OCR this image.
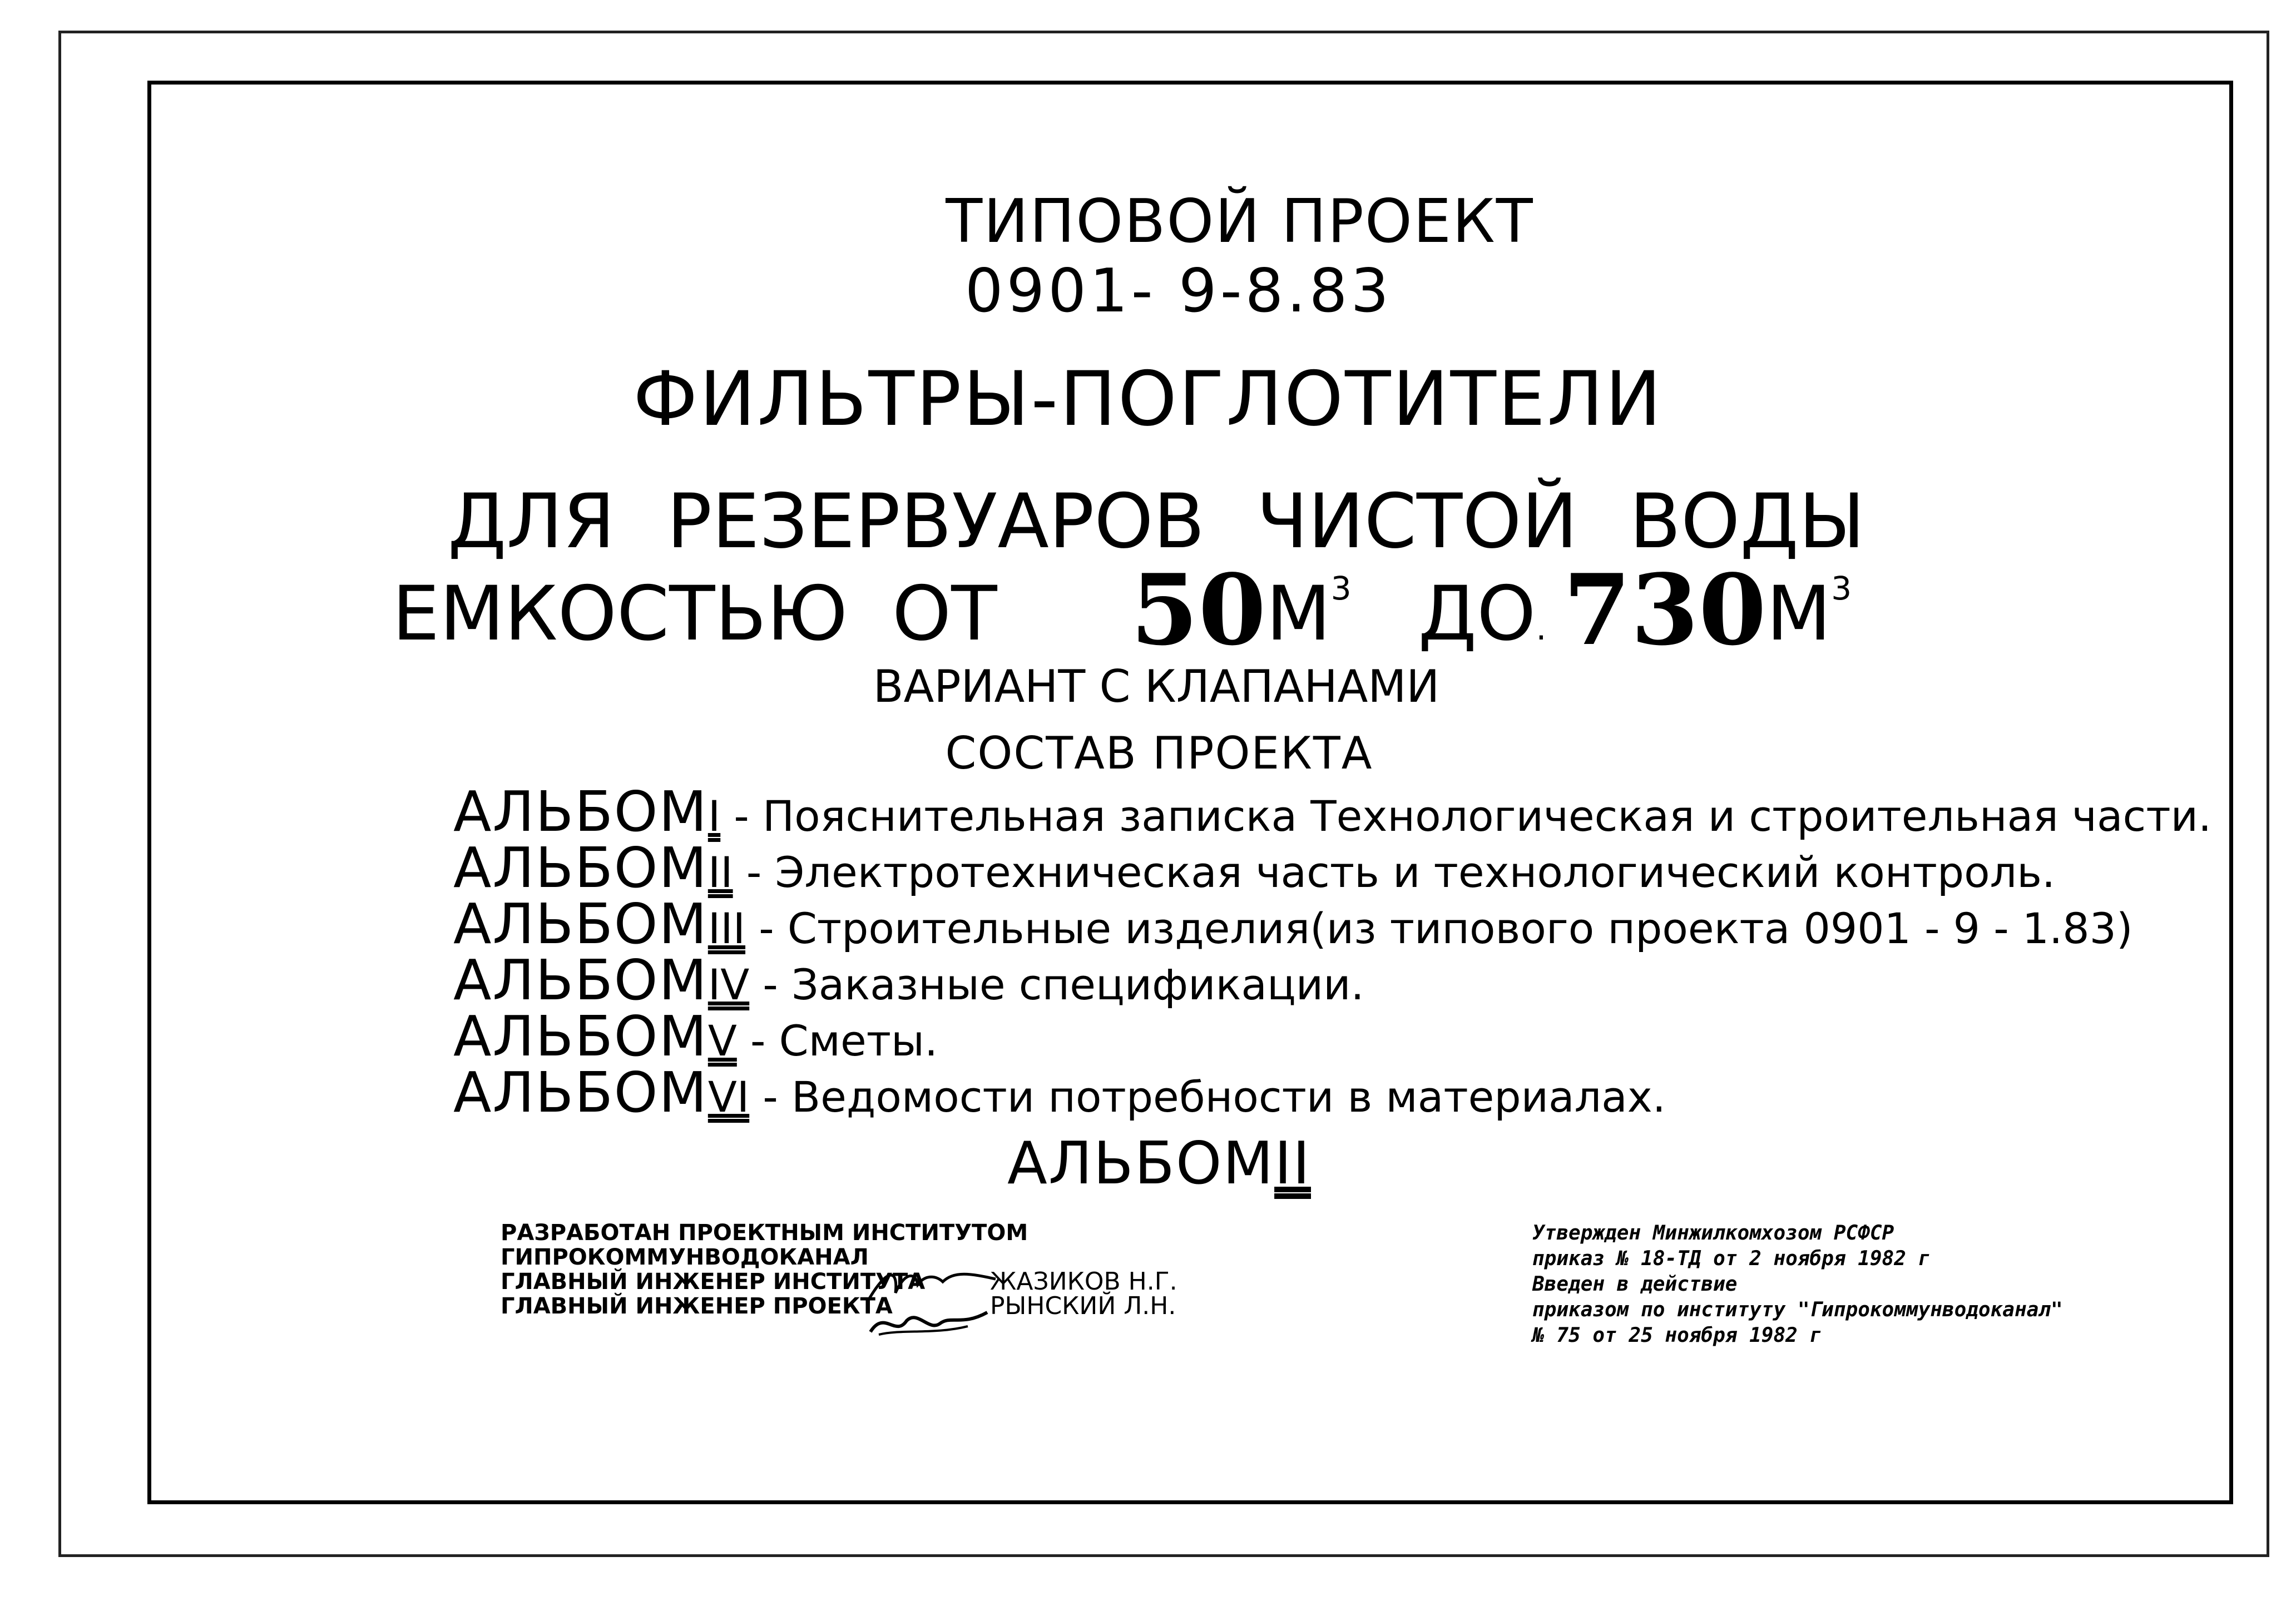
ТИПОВОЙ ПРОЕКТ
0901- 9-8.83
ФИЛЬТРЫ-ПОГЛОТИТЕЛИ
ДЛЯ РЕЗЕРВУАРОВ ЧИСТОЙ ВОДЫ
ЕМКОСТЬЮ ОТ $50М^3$ ДО. $730М^3$
ВАРИАНТ С КЛАПАНАМИ
СОСТАВ ПРОЕКТА
АЛЬБОМI - Пояснительная записка Технологическая и строительная части.
АЛЬБОМII - Электротехническая часть и технологический контроль.
АЛЬБОМIII - Строительные изделия(из типового проекта 0901 - 9 - 1.83)
АЛЬБОМIV - Заказные спецификации.
АЛЬБОМV - Сметы.
АЛЬБОМVI - Ведомости потребности в материалах.
АЛЬБОМII
РАЗРАБОТАН ПРОЕКТНЫМ ИНСТИТУТОМ
ГИПРОКОММУНВОДОКАНАЛ
ГЛАВНЫЙ ИНЖЕНЕР ИНСТИТУТА	ЖАЗИКОВ Н.Г.
ГЛАВНЫЙ ИНЖЕНЕР ПРОЕКТА	РЫНСКИЙ Л.Н.
Утвержден Минжилкомхозом РСФСР
приказ № 18-ТД от 2 ноября 1982 г
Введен в действие
приказом по институту "Гипрокоммунводоканал"
№ 75 от 25 ноября 1982 г
